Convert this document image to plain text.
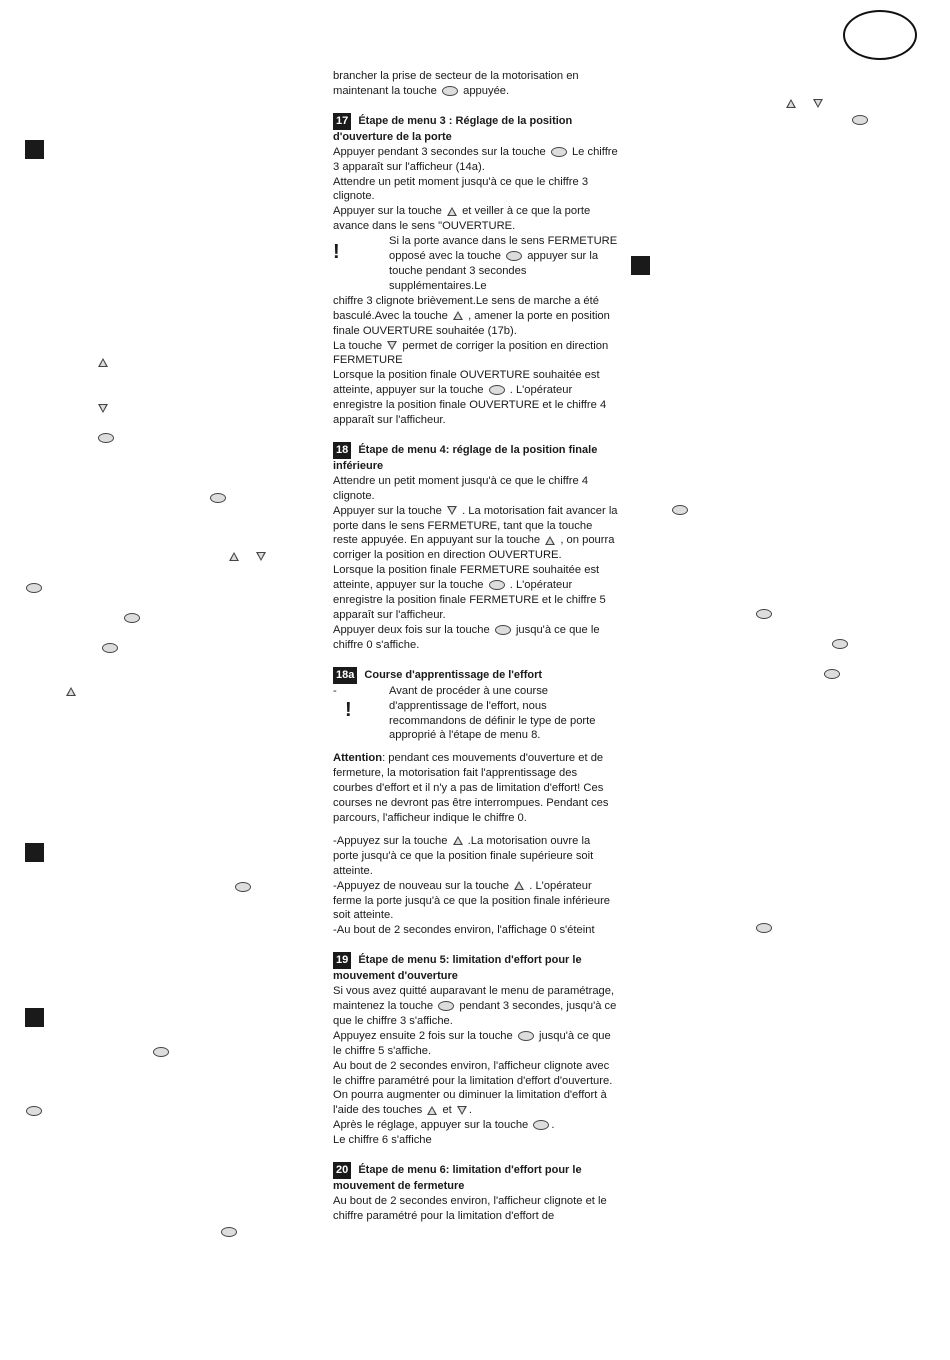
brancher la prise de secteur de la motorisation en maintenant la touche appuyée.

17 Étape de menu 3 : Réglage de la position d'ouverture de la porte

Appuyer pendant 3 secondes sur la touche Le chiffre 3 apparaît sur l'afficheur (14a).

Attendre un petit moment jusqu'à ce que le chiffre 3 clignote.

Appuyer sur la touche et veiller à ce que la porte avance dans le sens "OUVERTURE.

!	Si la porte avance dans le sens FERMETURE opposé avec la touche appuyer sur la touche pendant 3 secondes supplémentaires.Le

chiffre 3 clignote brièvement.Le sens de marche a été basculé.Avec la touche , amener la porte en position finale OUVERTURE souhaitée (17b).

La touche permet de corriger la position en direction FERMETURE

Lorsque la position finale OUVERTURE souhaitée est atteinte, appuyer sur la touche . L'opérateur enregistre la position finale OUVERTURE et le chiffre 4 apparaît sur l'afficheur.

18 Étape de menu 4: réglage de la position finale inférieure

Attendre un petit moment jusqu'à ce que le chiffre 4 clignote.

Appuyer sur la touche . La motorisation fait avancer la porte dans le sens FERMETURE, tant que la touche reste appuyée. En appuyant sur la touche , on pourra corriger la position en direction OUVERTURE.

Lorsque la position finale FERMETURE souhaitée est atteinte, appuyer sur la touche . L'opérateur enregistre la position finale FERMETURE et le chiffre 5 apparaît sur l'afficheur.

Appuyer deux fois sur la touche jusqu'à ce que le chiffre 0 s'affiche.

18a Course d'apprentissage de l'effort

-
!

Avant de procéder à une course d'apprentissage de l'effort, nous recommandons de définir le type de porte approprié à l'étape de menu 8.

Attention: pendant ces mouvements d'ouverture et de fermeture, la motorisation fait l'apprentissage des courbes d'effort et il n'y a pas de limitation d'effort! Ces courses ne devront pas être interrompues. Pendant ces parcours, l'afficheur indique le chiffre 0.

-Appuyez sur la touche .La motorisation ouvre la porte jusqu'à ce que la position finale supérieure soit atteinte.

-Appuyez de nouveau sur la touche . L'opérateur ferme la porte jusqu'à ce que la position finale inférieure soit atteinte.

-Au bout de 2 secondes environ, l'affichage 0 s'éteint

19 Étape de menu 5: limitation d'effort pour le mouvement d'ouverture

Si vous avez quitté auparavant le menu de paramétrage, maintenez la touche pendant 3 secondes, jusqu'à ce que le chiffre 3 s'affiche.

Appuyez ensuite 2 fois sur la touche jusqu'à ce que le chiffre 5 s'affiche.

Au bout de 2 secondes environ, l'afficheur clignote avec le chiffre paramétré pour la limitation d'effort d'ouverture.

On pourra augmenter ou diminuer la limitation d'effort à l'aide des touches et .

Après le réglage, appuyer sur la touche .

Le chiffre 6 s'affiche

20 Étape de menu 6: limitation d'effort pour le mouvement de fermeture

Au bout de 2 secondes environ, l'afficheur clignote et le chiffre paramétré pour la limitation d'effort de
